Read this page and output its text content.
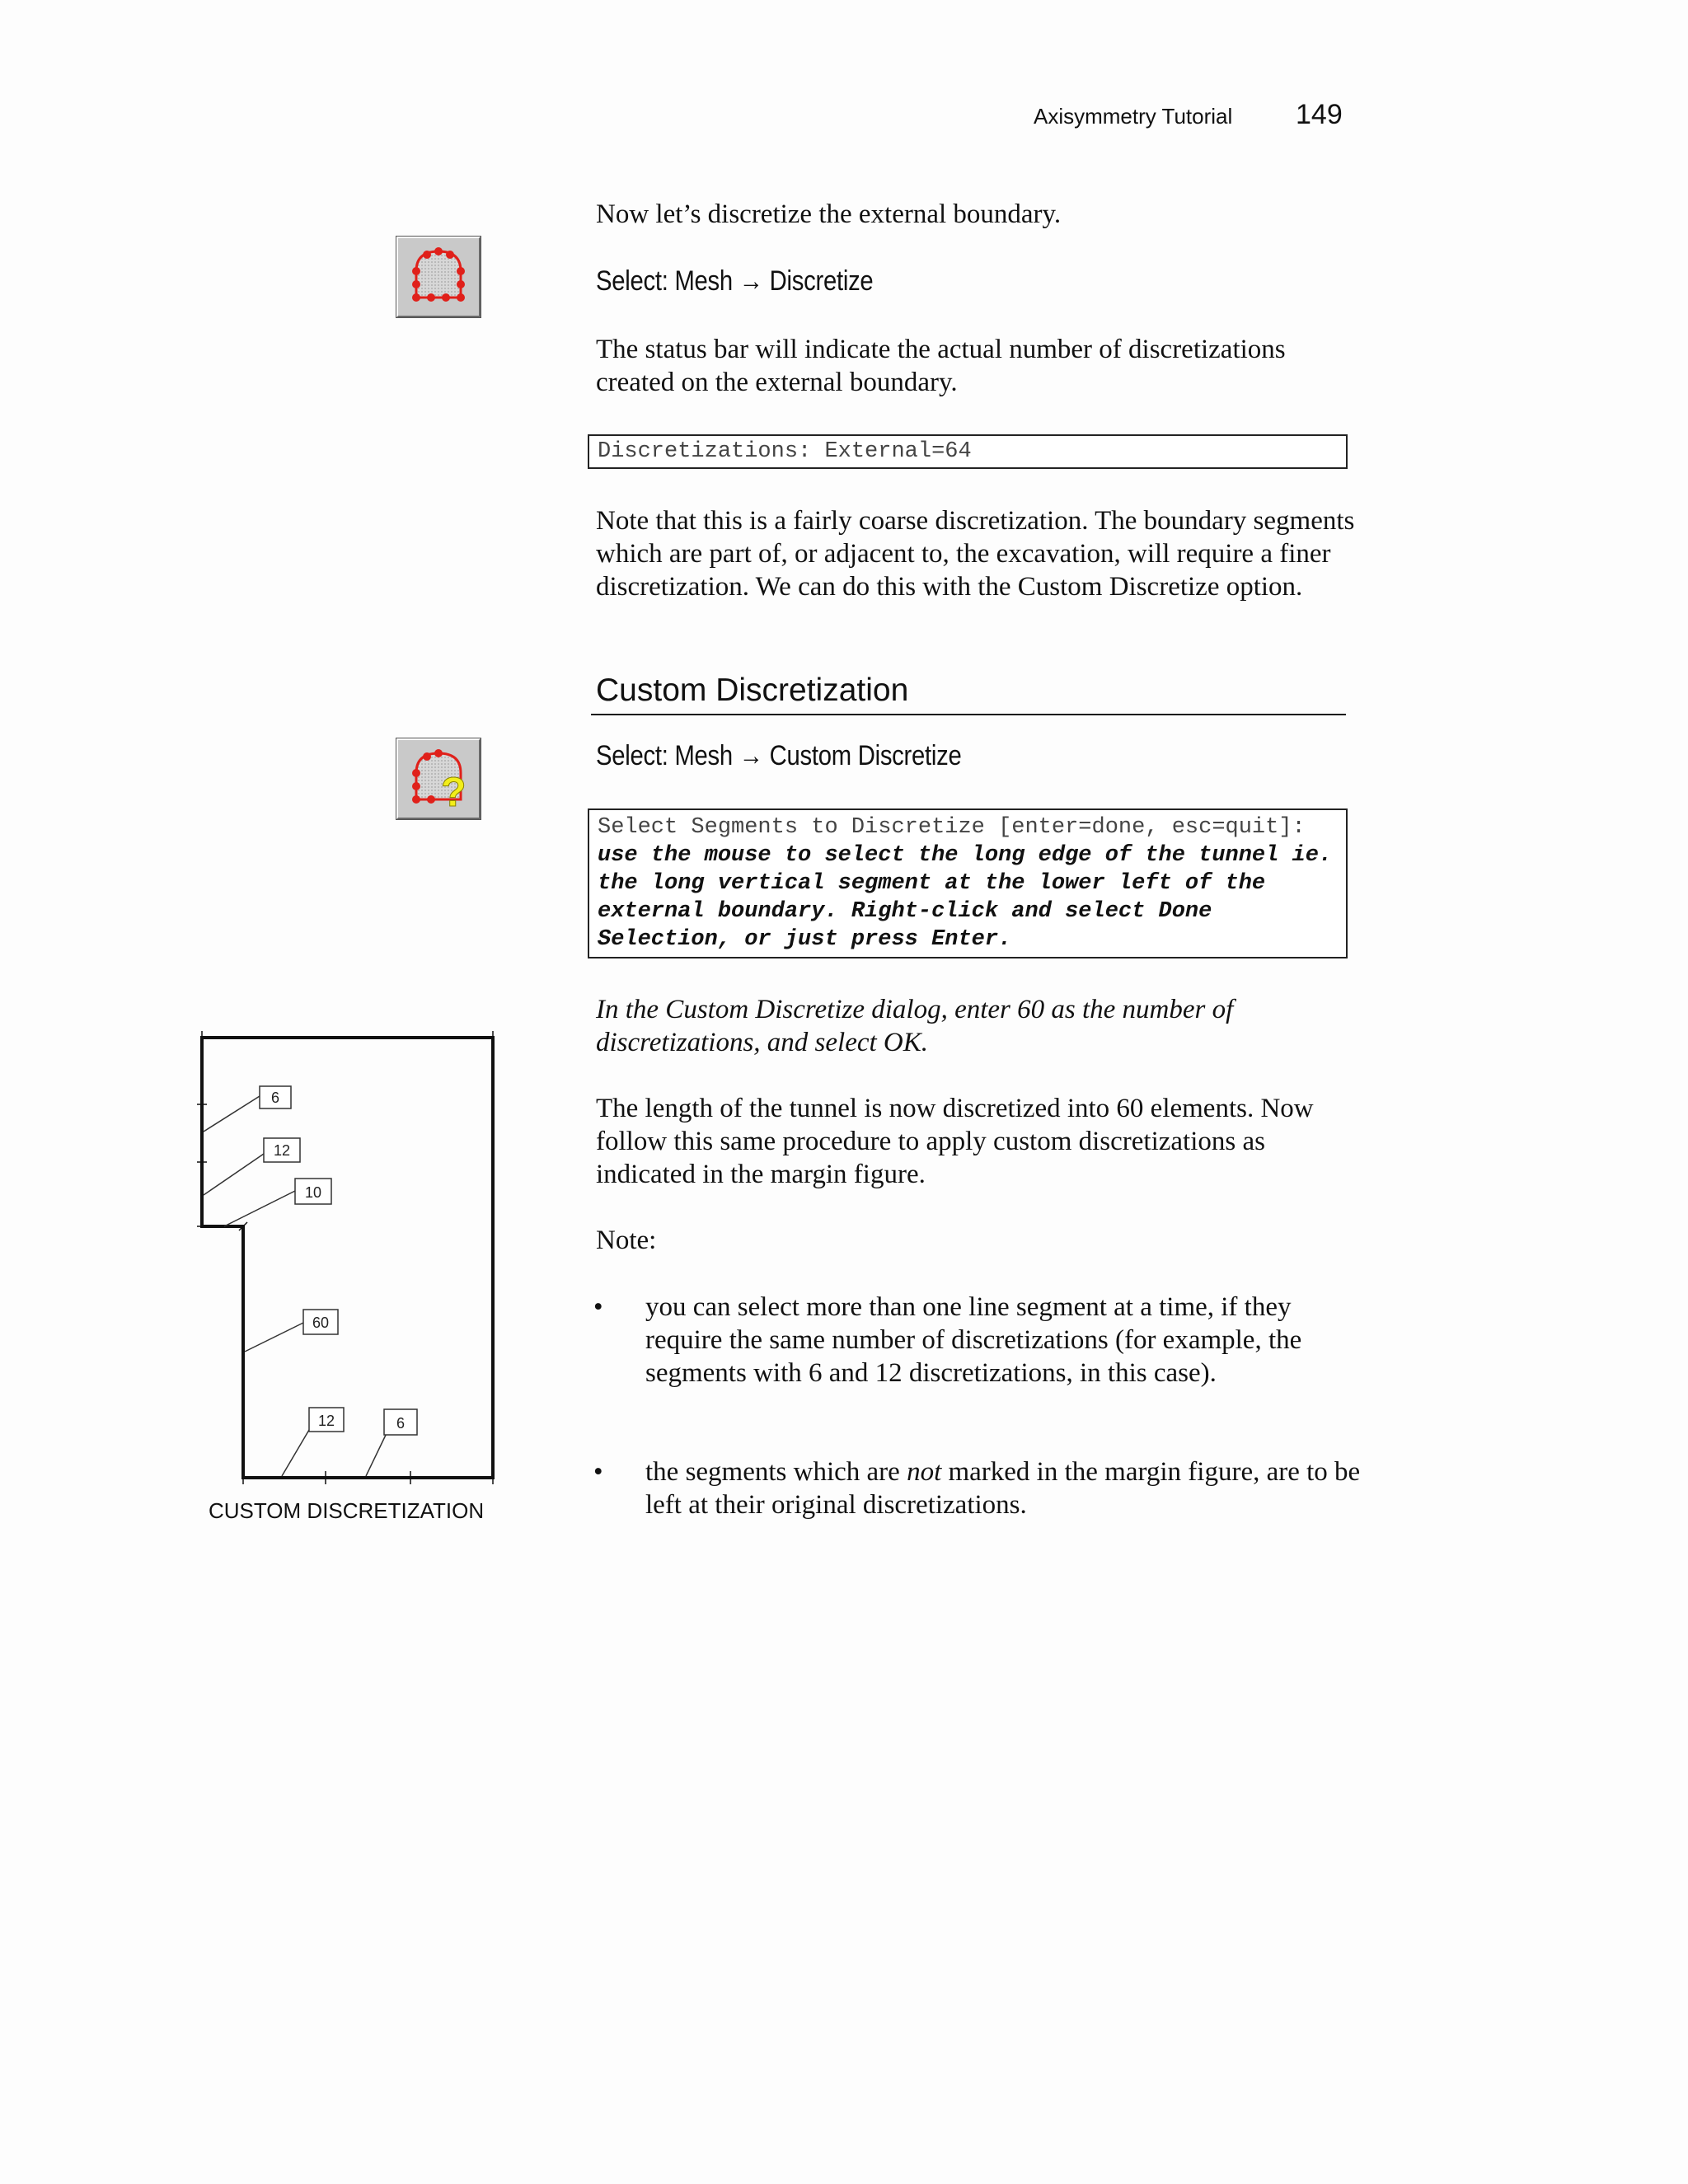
Axisymmetry Tutorial 149

Now let’s discretize the external boundary.

Select: Mesh → Discretize

The status bar will indicate the actual number of discretizations created on the external boundary.

Discretizations: External=64

Note that this is a fairly coarse discretization. The boundary segments which are part of, or adjacent to, the excavation, will require a finer discretization. We can do this with the Custom Discretize option.

Custom Discretization
?
Select: Mesh → Custom Discretize
Select Segments to Discretize [enter=done, esc=quit]: use the mouse to select the long edge of the tunnel ie. the long vertical segment at the lower left of the external boundary. Right-click and select Done Selection, or just press Enter.

In the Custom Discretize dialog, enter 60 as the number of discretizations, and select OK.

The length of the tunnel is now discretized into 60 elements. Now follow this same procedure to apply custom discretizations as indicated in the margin figure.

Note:

•	you can select more than one line segment at a time, if they require the same number of discretizations (for example, the segments with 6 and 12 discretizations, in this case).
•	the segments which are not marked in the margin figure, are to be left at their original discretizations.
6
12
10
60
12	6
CUSTOM DISCRETIZATION
